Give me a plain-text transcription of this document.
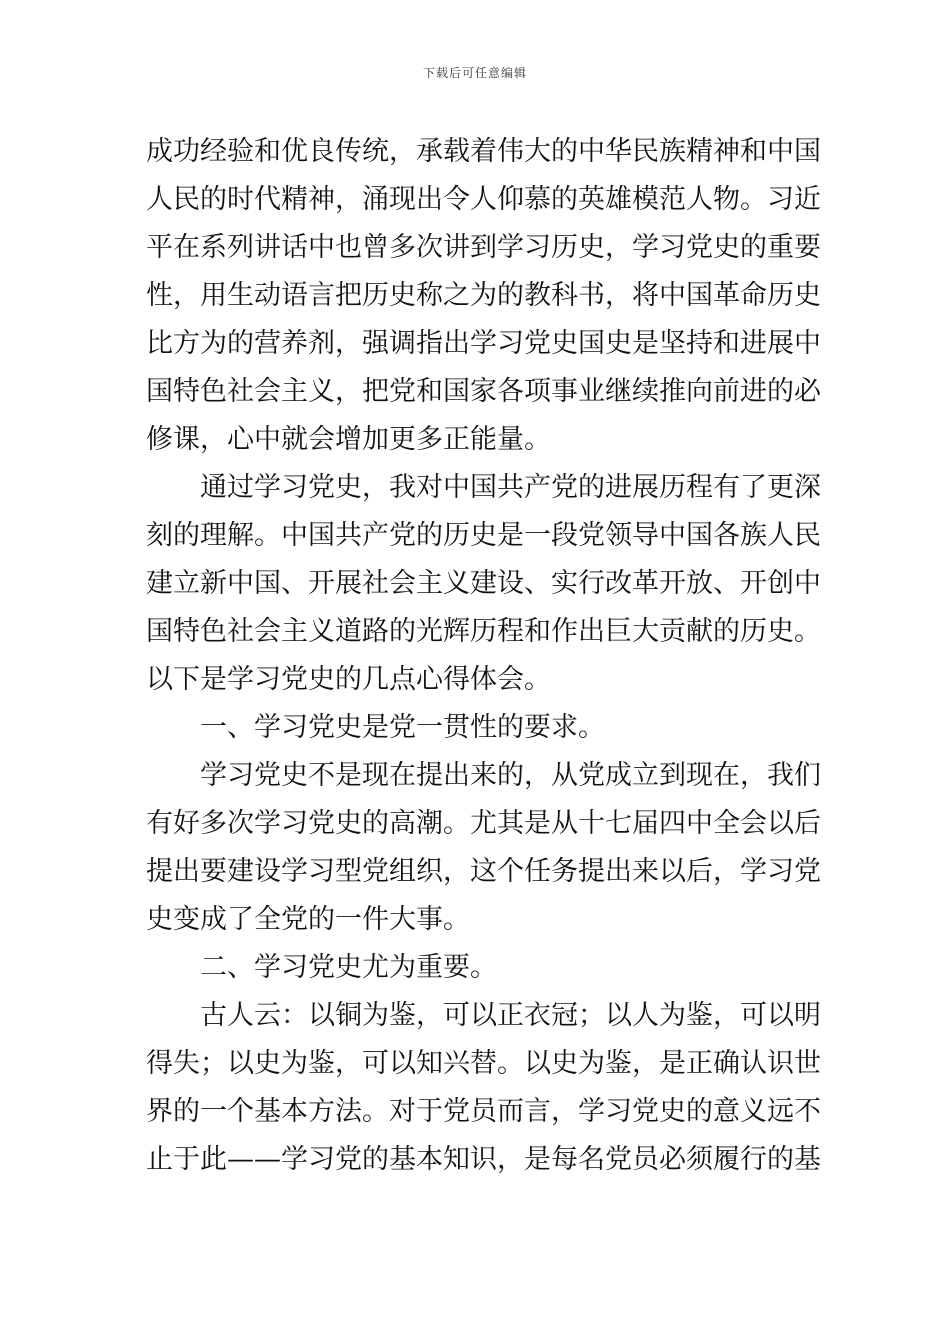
下载后可任意编辑
成功经验和优良传统，承载着伟大的中华民族精神和中国
人民的时代精神，涌现出令人仰慕的英雄模范人物。习近
平在系列讲话中也曾多次讲到学习历史，学习党史的重要
性，用生动语言把历史称之为的教科书，将中国革命历史
比方为的营养剂，强调指出学习党史国史是坚持和进展中
国特色社会主义，把党和国家各项事业继续推向前进的必
修课，心中就会增加更多正能量。
通过学习党史，我对中国共产党的进展历程有了更深
刻的理解。中国共产党的历史是一段党领导中国各族人民
建立新中国、开展社会主义建设、实行改革开放、开创中
国特色社会主义道路的光辉历程和作出巨大贡献的历史。
以下是学习党史的几点心得体会。
一、学习党史是党一贯性的要求。
学习党史不是现在提出来的，从党成立到现在，我们
有好多次学习党史的高潮。尤其是从十七届四中全会以后
提出要建设学习型党组织，这个任务提出来以后，学习党
史变成了全党的一件大事。
二、学习党史尤为重要。
古人云：以铜为鉴，可以正衣冠；以人为鉴，可以明
得失；以史为鉴，可以知兴替。以史为鉴，是正确认识世
界的一个基本方法。对于党员而言，学习党史的意义远不
止于此——学习党的基本知识，是每名党员必须履行的基
